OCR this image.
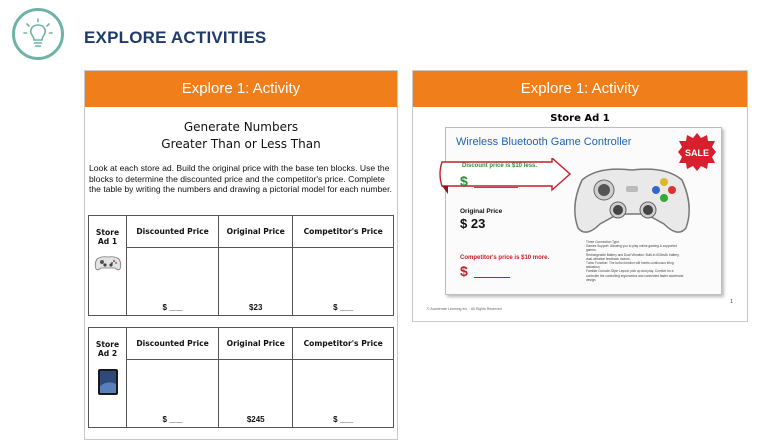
EXPLORE ACTIVITIES
Explore 1: Activity
Generate Numbers
Greater Than or Less Than
Look at each store ad. Build the original price with the base ten blocks. Use the blocks to determine the discounted price and the competitor's price. Complete the table by writing the numbers and drawing a pictorial model for each number.
Store Ad 1	Discounted Price	Original Price	Competitor's Price
	$ ___	$23	$ ___
Store Ad 2	Discounted Price	Original Price	Competitor's Price
	$ ___	$245	$ ___
Explore 1: Activity
Store Ad 1
Wireless Bluetooth Game Controller
SALE
Discount price is $10 less.
$
Original Price
$ 23
Competitor's price is $10 more.
$
Three Connection Type.
Games Support: Allowing you to play online gaming & supported games.
Rechargeable Battery and Dual Vibration: Built-in 600mAh battery, dual-vibration feedback motors.
Turbo Function: The turbo function will meets continuous firing activation.
Familiar Console-Style Layout: pick up and play. Comfort for a controller the controlling ergonomics and connected faster waveband design.
© Accelerate Learning Inc. - All Rights Reserved
1
